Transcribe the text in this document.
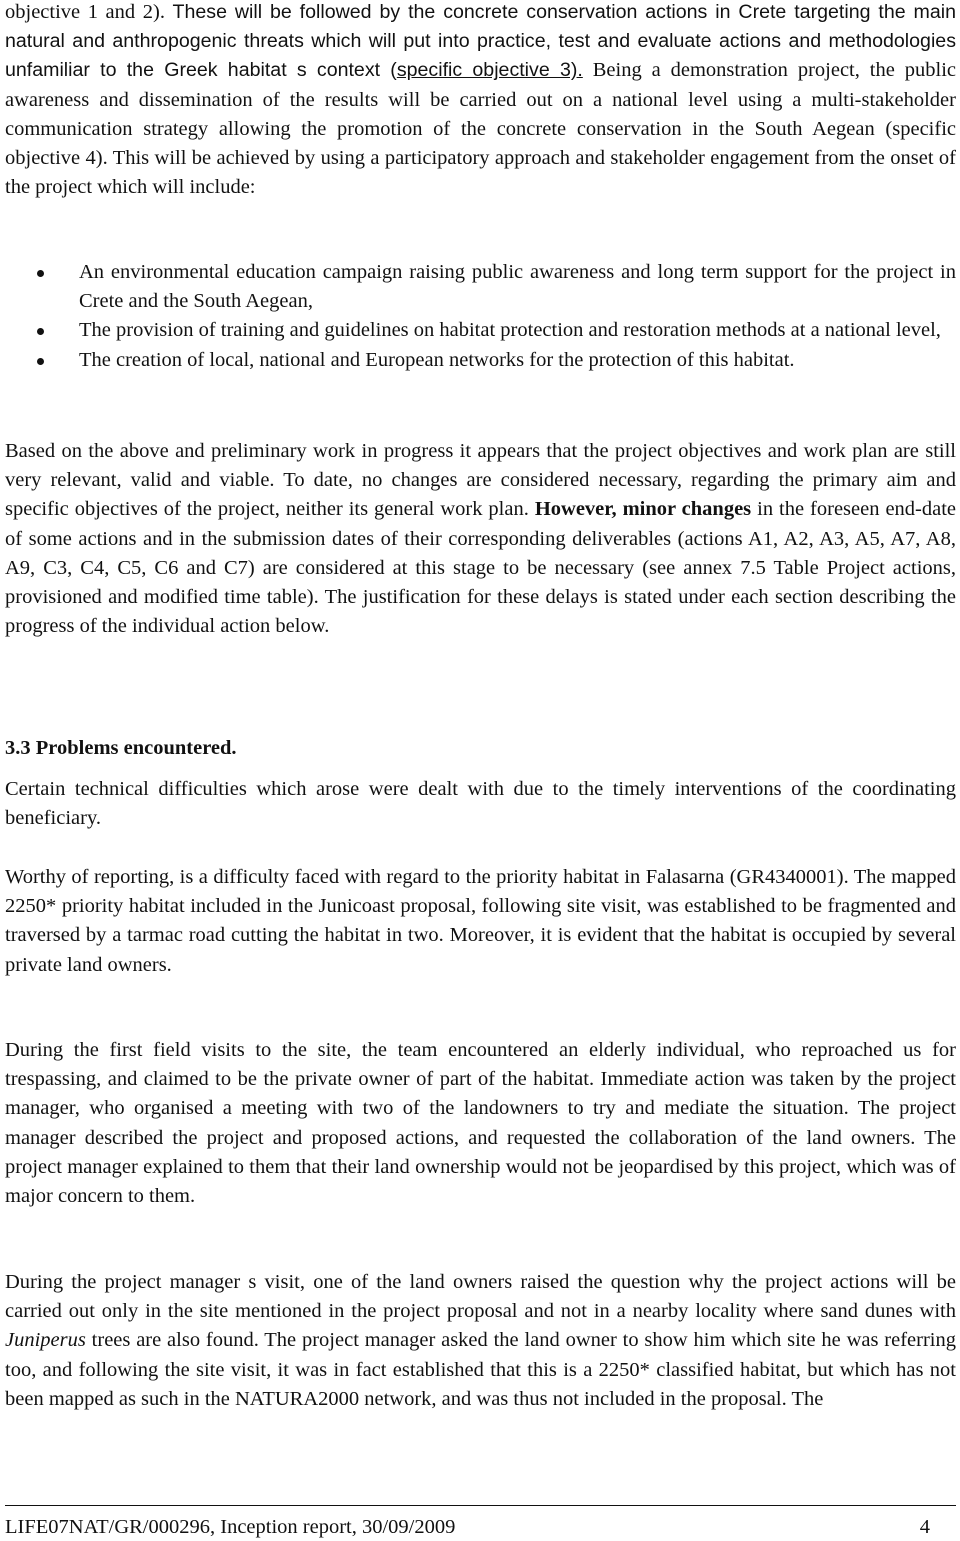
objective 1 and 2). These will be followed by the concrete conservation actions in Crete targeting the main natural and anthropogenic threats which will put into practice, test and evaluate actions and methodologies unfamiliar to the Greek habitat s context (specific objective 3). Being a demonstration project, the public awareness and dissemination of the results will be carried out on a national level using a multi-stakeholder communication strategy allowing the promotion of the concrete conservation in the South Aegean (specific objective 4). This will be achieved by using a participatory approach and stakeholder engagement from the onset of the project which will include:

An environmental education campaign raising public awareness and long term support for the project in Crete and the South Aegean,
The provision of training and guidelines on habitat protection and restoration methods at a national level,
The creation of local, national and European networks for the protection of this habitat.

Based on the above and preliminary work in progress it appears that the project objectives and work plan are still very relevant, valid and viable. To date, no changes are considered necessary, regarding the primary aim and specific objectives of the project, neither its general work plan. However, minor changes in the foreseen end-date of some actions and in the submission dates of their corresponding deliverables (actions A1, A2, A3, A5, A7, A8, A9, C3, C4, C5, C6 and C7) are considered at this stage to be necessary (see annex 7.5 Table Project actions, provisioned and modified time table). The justification for these delays is stated under each section describing the progress of the individual action below.

3.3 Problems encountered.

Certain technical difficulties which arose were dealt with due to the timely interventions of the coordinating beneficiary.

Worthy of reporting, is a difficulty faced with regard to the priority habitat in Falasarna (GR4340001). The mapped 2250* priority habitat included in the Junicoast proposal, following site visit, was established to be fragmented and traversed by a tarmac road cutting the habitat in two. Moreover, it is evident that the habitat is occupied by several private land owners.

During the first field visits to the site, the team encountered an elderly individual, who reproached us for trespassing, and claimed to be the private owner of part of the habitat. Immediate action was taken by the project manager, who organised a meeting with two of the landowners to try and mediate the situation. The project manager described the project and proposed actions, and requested the collaboration of the land owners. The project manager explained to them that their land ownership would not be jeopardised by this project, which was of major concern to them.

During the project manager s visit, one of the land owners raised the question why the project actions will be carried out only in the site mentioned in the project proposal and not in a nearby locality where sand dunes with Juniperus trees are also found. The project manager asked the land owner to show him which site he was referring too, and following the site visit, it was in fact established that this is a 2250* classified habitat, but which has not been mapped as such in the NATURA2000 network, and was thus not included in the proposal. The

LIFE07NAT/GR/000296, Inception report, 30/09/2009	4
